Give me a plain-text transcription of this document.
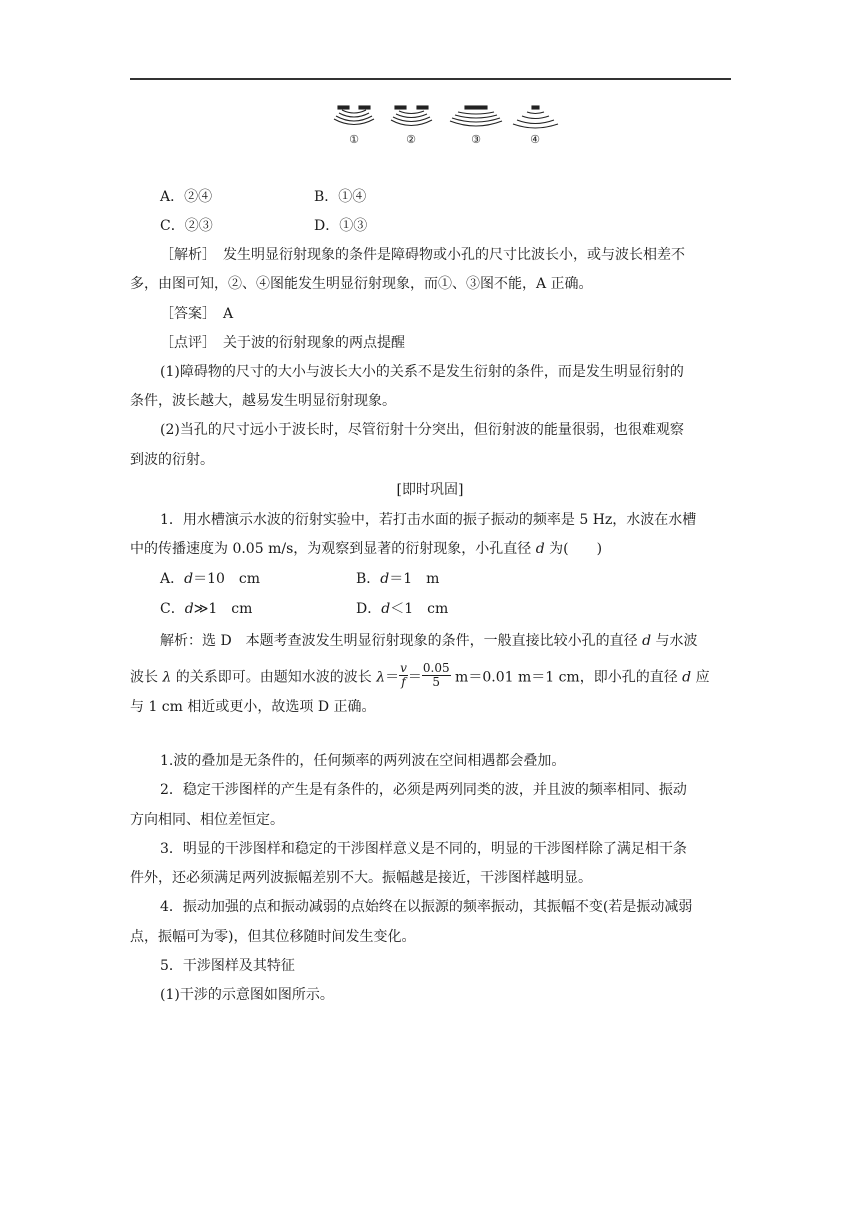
①	②	③	④
A．②④	B．①④
C．②③	D．①③
［解析］　发生明显衍射现象的条件是障碍物或小孔的尺寸比波长小，或与波长相差不
多，由图可知，②、④图能发生明显衍射现象，而①、③图不能，A 正确。
［答案］　A
［点评］　关于波的衍射现象的两点提醒
(1)障碍物的尺寸的大小与波长大小的关系不是发生衍射的条件，而是发生明显衍射的
条件，波长越大，越易发生明显衍射现象。
(2)当孔的尺寸远小于波长时，尽管衍射十分突出，但衍射波的能量很弱，也很难观察
到波的衍射。
[即时巩固]
1．用水槽演示水波的衍射实验中，若打击水面的振子振动的频率是 5 Hz，水波在水槽
中的传播速度为 0.05 m/s，为观察到显著的衍射现象，小孔直径 d 为(　　)
A．d＝10　cm	B．d＝1　m
C．d≫1　cm	D．d＜1　cm
解析：选 D　本题考查波发生明显衍射现象的条件，一般直接比较小孔的直径 d 与水波
波长 λ 的关系即可。由题知水波的波长 $\lambda= \frac{v}{f} = \frac{0.05}{5} m=0.01$ m＝1 cm，即小孔的直径 d 应
与 1 cm 相近或更小，故选项 D 正确。
1.波的叠加是无条件的，任何频率的两列波在空间相遇都会叠加。
2．稳定干涉图样的产生是有条件的，必须是两列同类的波，并且波的频率相同、振动
方向相同、相位差恒定。
3．明显的干涉图样和稳定的干涉图样意义是不同的，明显的干涉图样除了满足相干条
件外，还必须满足两列波振幅差别不大。振幅越是接近，干涉图样越明显。
4．振动加强的点和振动减弱的点始终在以振源的频率振动，其振幅不变(若是振动减弱
点，振幅可为零)，但其位移随时间发生变化。
5．干涉图样及其特征
(1)干涉的示意图如图所示。
